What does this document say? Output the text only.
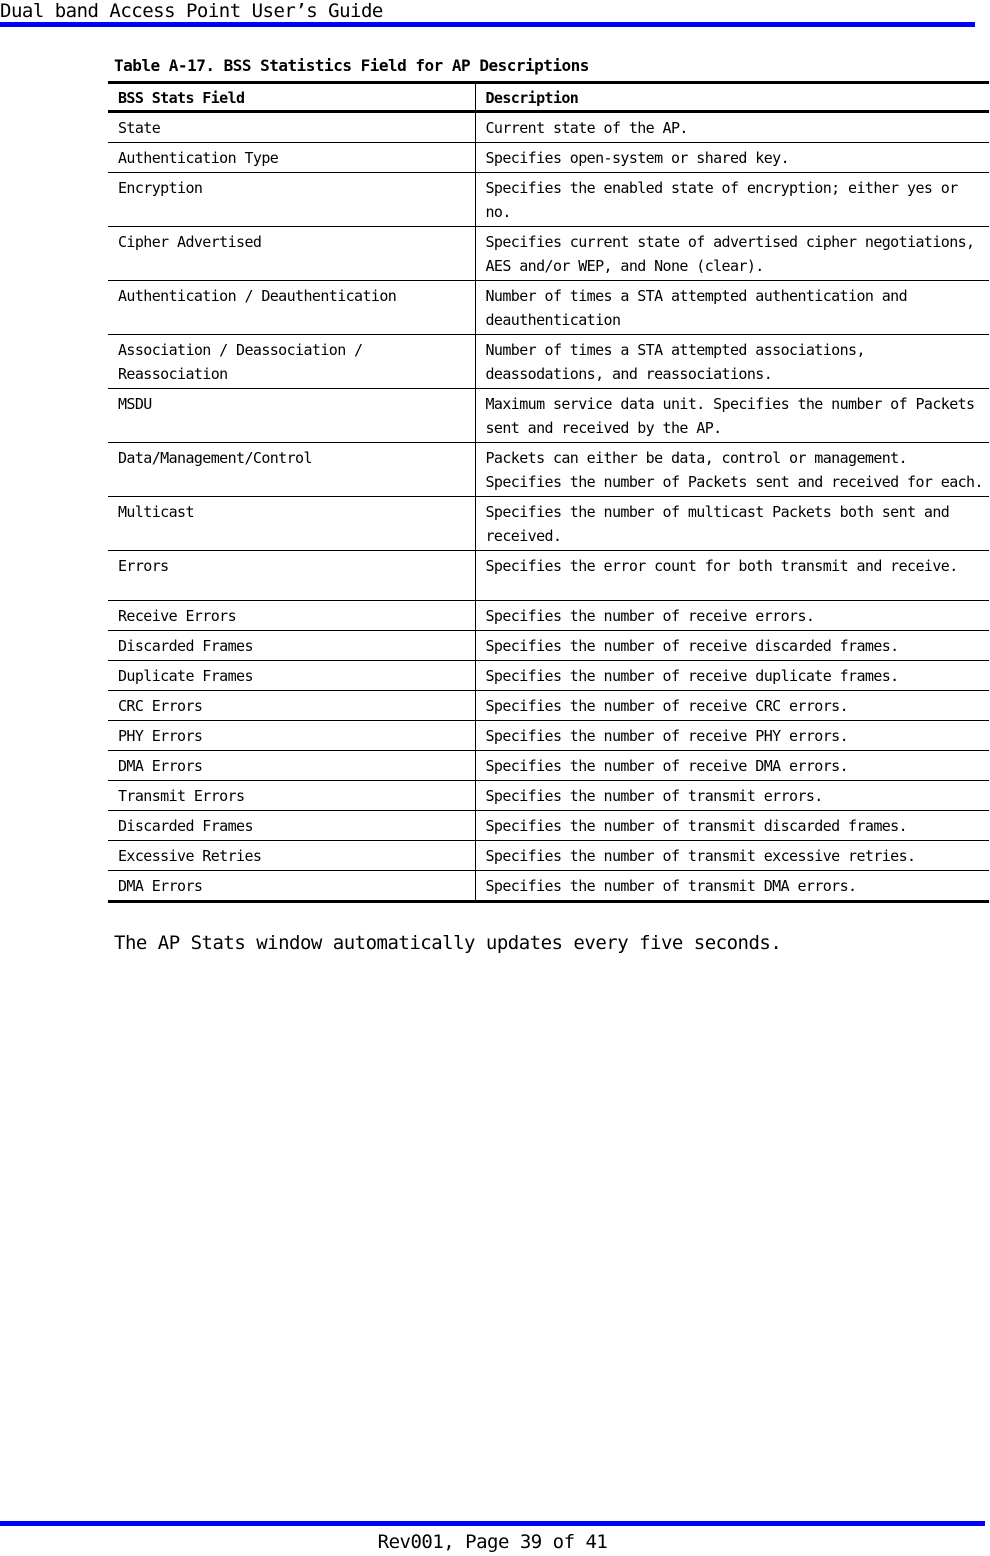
Dual band Access Point User’s Guide
Table A-17. BSS Statistics Field for AP Descriptions
BSS Stats Field	Description
State	Current state of the AP.
Authentication Type	Specifies open-system or shared key.
Encryption	Specifies the enabled state of encryption; either yes or no.
Cipher Advertised	Specifies current state of advertised cipher negotiations, AES and/or WEP, and None (clear).
Authentication / Deauthentication	Number of times a STA attempted authentication and deauthentication
Association / Deassociation / Reassociation	Number of times a STA attempted associations, deassodations, and reassociations.
MSDU	Maximum service data unit. Specifies the number of Packets sent and received by the AP.
Data/Management/Control	Packets can either be data, control or management. Specifies the number of Packets sent and received for each.
Multicast	Specifies the number of multicast Packets both sent and received.
Errors	Specifies the error count for both transmit and receive.
Receive Errors	Specifies the number of receive errors.
Discarded Frames	Specifies the number of receive discarded frames.
Duplicate Frames	Specifies the number of receive duplicate frames.
CRC Errors	Specifies the number of receive CRC errors.
PHY Errors	Specifies the number of receive PHY errors.
DMA Errors	Specifies the number of receive DMA errors.
Transmit Errors	Specifies the number of transmit errors.
Discarded Frames	Specifies the number of transmit discarded frames.
Excessive Retries	Specifies the number of transmit excessive retries.
DMA Errors	Specifies the number of transmit DMA errors.
The AP Stats window automatically updates every five seconds.
Rev001, Page 39 of 41
